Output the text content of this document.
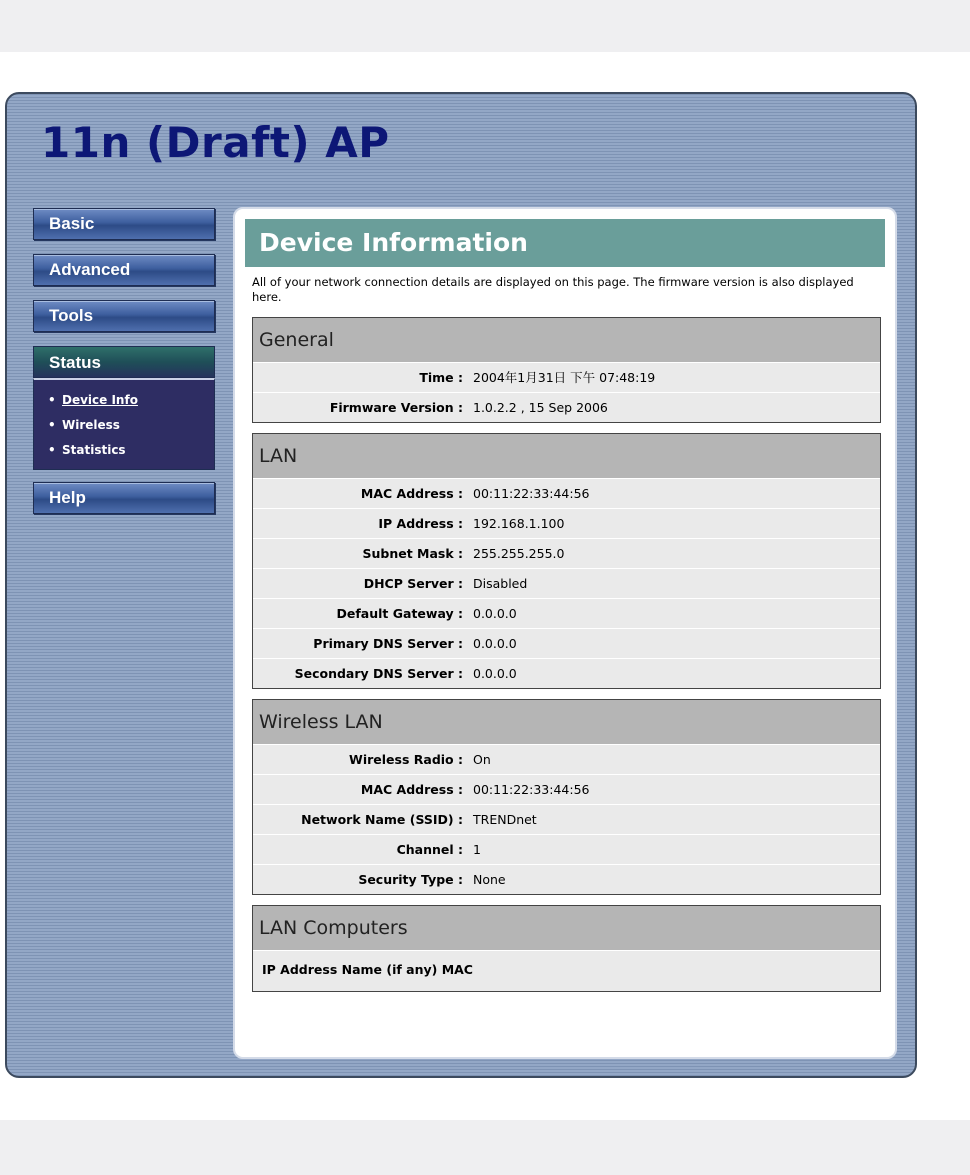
11n (Draft) AP
Basic
Advanced
Tools
Status
• Device Info
• Wireless
• Statistics
Help
Device Information
All of your network connection details are displayed on this page. The firmware version is also displayed here.
General
Time : 2004年1月31日 下午 07:48:19
Firmware Version : 1.0.2.2 , 15 Sep 2006
LAN
MAC Address : 00:11:22:33:44:56
IP Address : 192.168.1.100
Subnet Mask : 255.255.255.0
DHCP Server : Disabled
Default Gateway : 0.0.0.0
Primary DNS Server : 0.0.0.0
Secondary DNS Server : 0.0.0.0
Wireless LAN
Wireless Radio : On
MAC Address : 00:11:22:33:44:56
Network Name (SSID) : TRENDnet
Channel : 1
Security Type : None
LAN Computers
IP Address Name (if any) MAC
